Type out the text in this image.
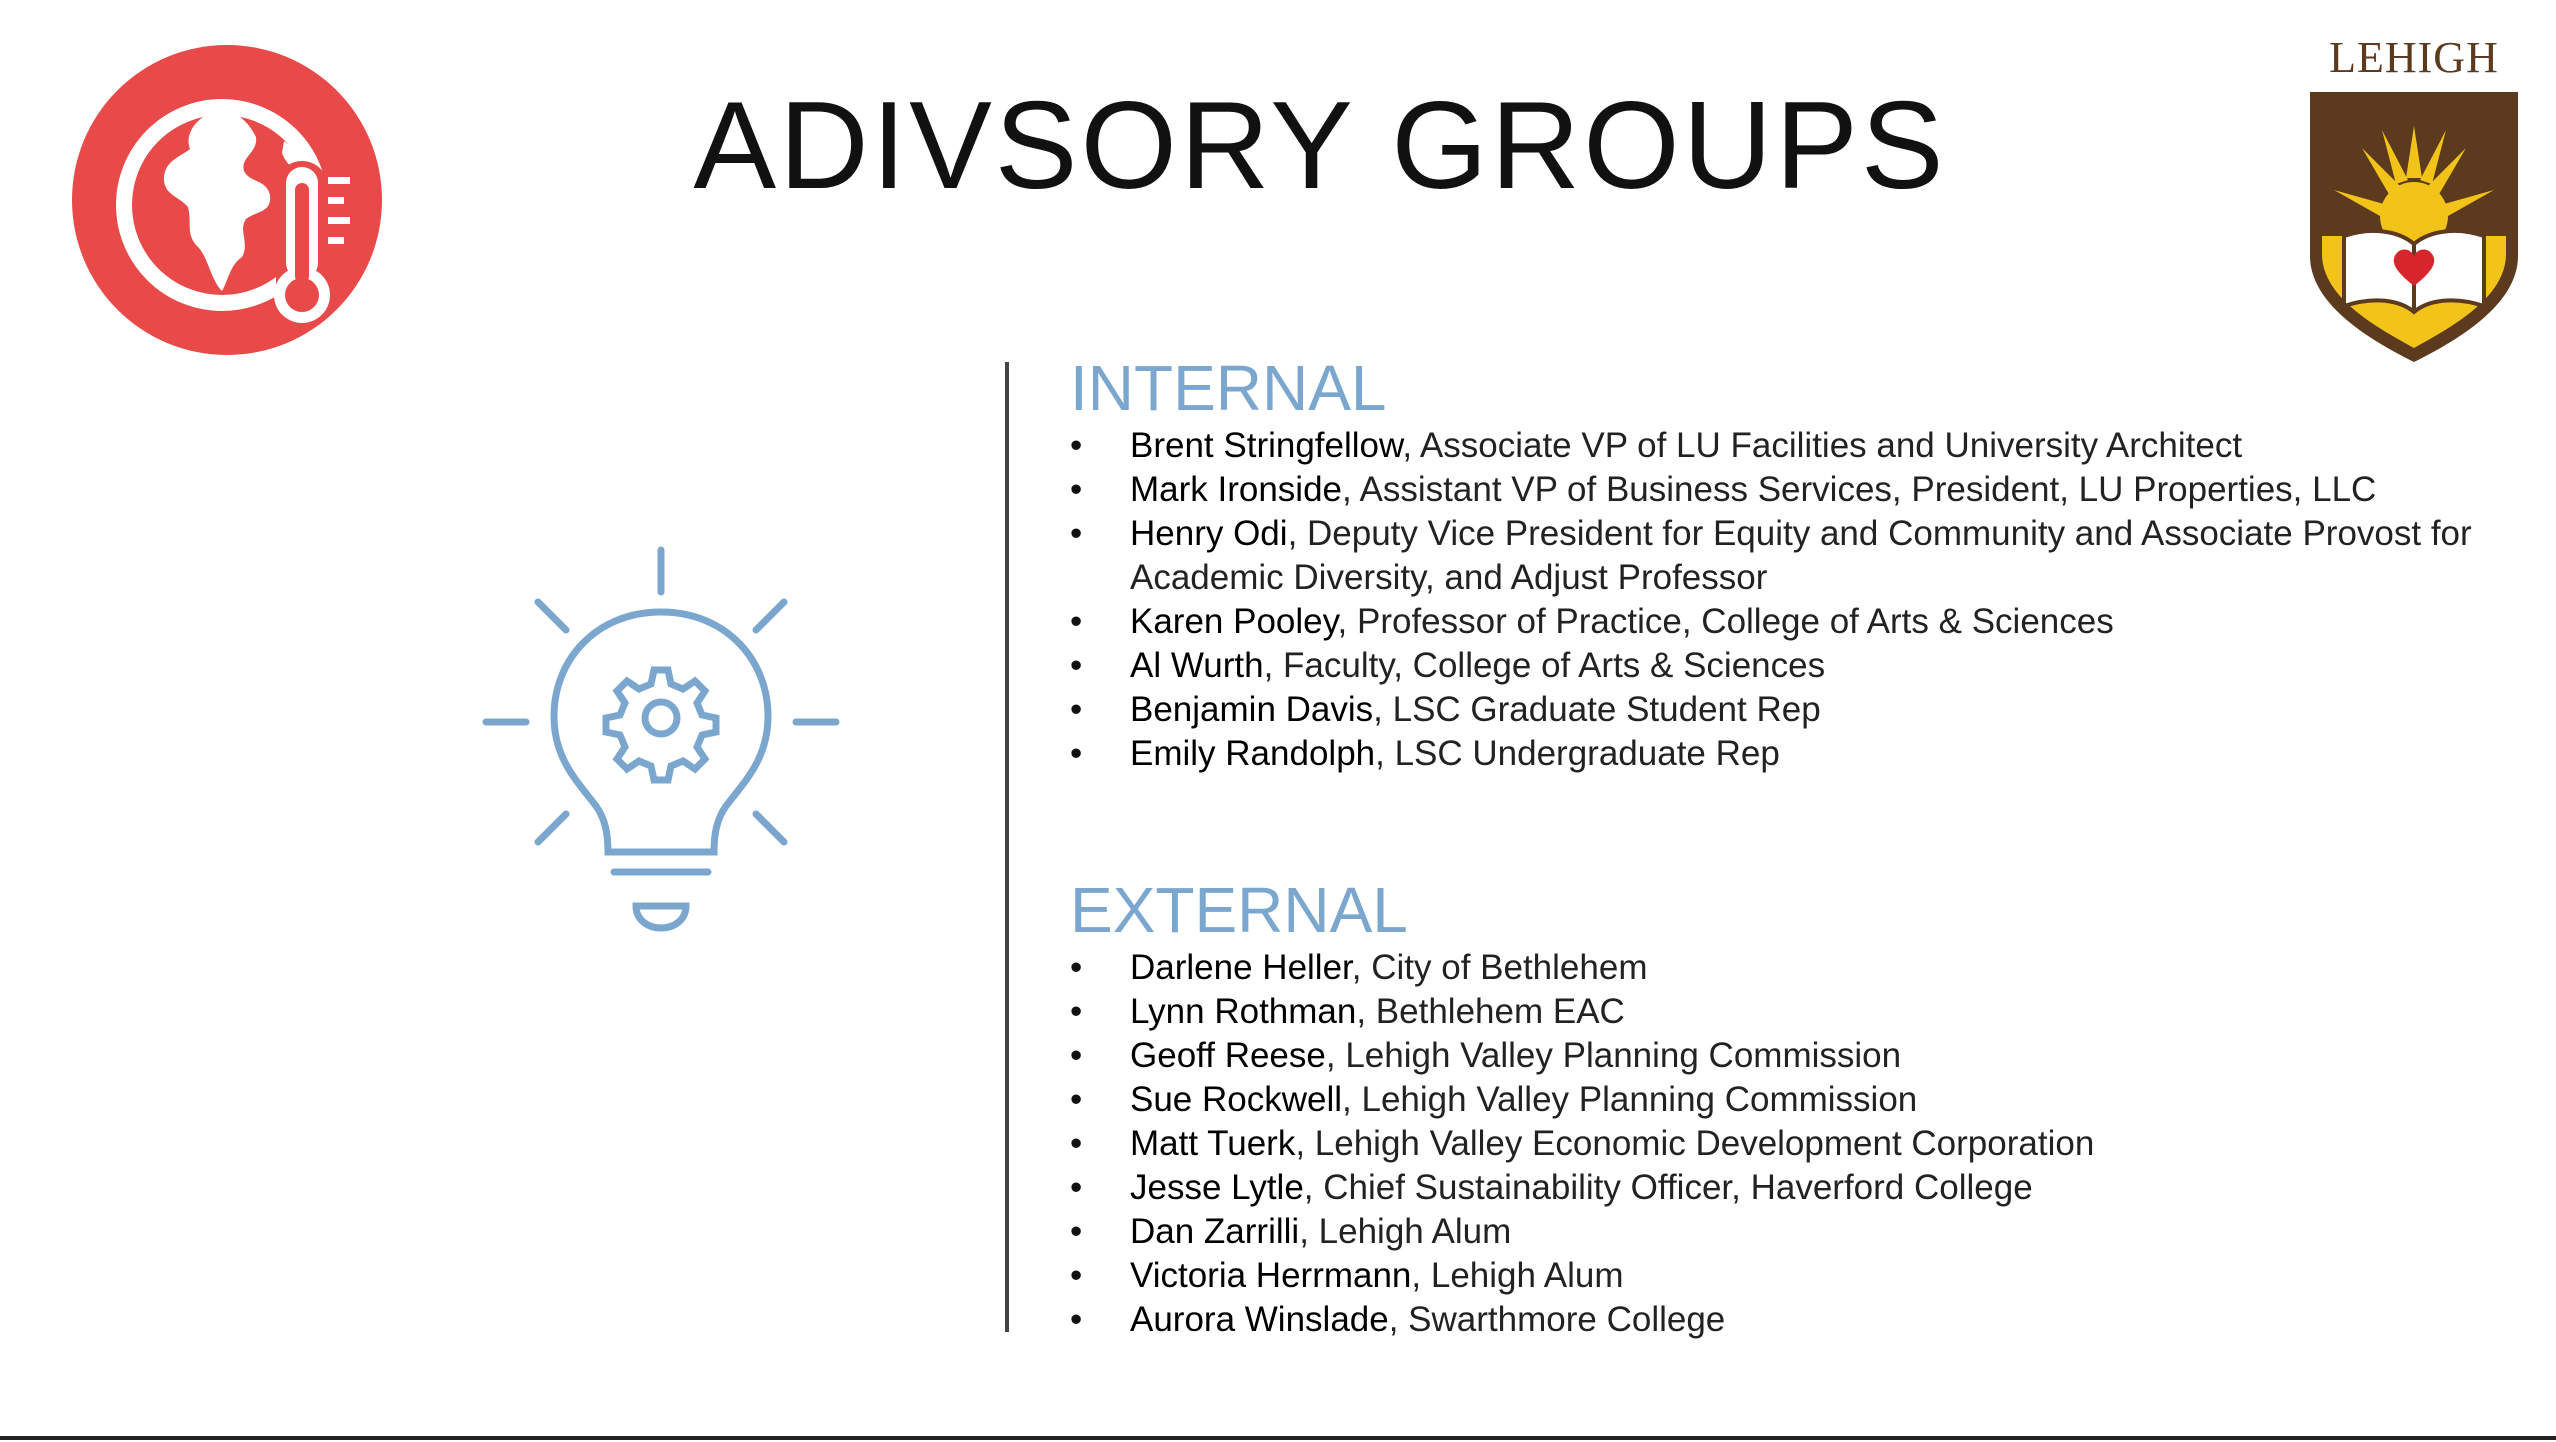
ADIVSORY GROUPS
LEHIGH
INTERNAL
• Brent Stringfellow, Associate VP of LU Facilities and University Architect
• Mark Ironside, Assistant VP of Business Services, President, LU Properties, LLC
• Henry Odi, Deputy Vice President for Equity and Community and Associate Provost for Academic Diversity, and Adjust Professor
• Karen Pooley, Professor of Practice, College of Arts & Sciences
• Al Wurth, Faculty, College of Arts & Sciences
• Benjamin Davis, LSC Graduate Student Rep
• Emily Randolph, LSC Undergraduate Rep
EXTERNAL
• Darlene Heller, City of Bethlehem
• Lynn Rothman, Bethlehem EAC
• Geoff Reese, Lehigh Valley Planning Commission
• Sue Rockwell, Lehigh Valley Planning Commission
• Matt Tuerk, Lehigh Valley Economic Development Corporation
• Jesse Lytle, Chief Sustainability Officer, Haverford College
• Dan Zarrilli, Lehigh Alum
• Victoria Herrmann, Lehigh Alum
• Aurora Winslade, Swarthmore College
